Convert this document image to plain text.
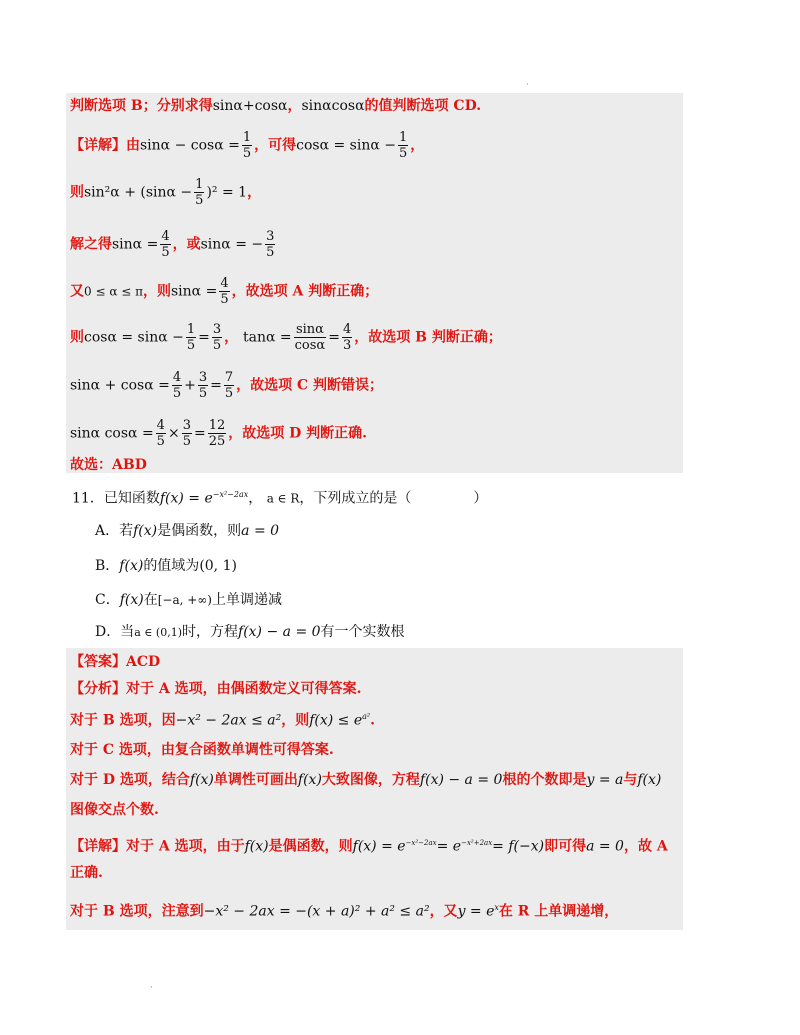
·
判断选项 B；分别求得sinα+cosα，sinαcosα的值判断选项 CD.
【详解】由$\sin\alpha - \cos\alpha = \frac{1}{5}$ ，可得$\cos\alpha = \sin\alpha - \frac{1}{5}$ ，
则$\sin^2\alpha + (\sin\alpha - \frac{1}{5} )^2 = 1$，
解之得$\sin\alpha = \frac{4}{5}$ ，或sinα = − $\frac{3}{5}$
又0 ≤ α ≤ π，则$\sin\alpha = \frac{4}{5}$ ，故选项 A 判断正确；
则$\cos\alpha = \sin\alpha - \frac{1}{5} = \frac{3}{5}$ ， $\tan\alpha = \frac{\sin\alpha}{\cos\alpha} = \frac{4}{3}$ ，故选项 B 判断正确；
$\sin\alpha + \cos\alpha = \frac{4}{5} + \frac{3}{5} = \frac{7}{5}$ ，故选项 C 判断错误；
sinα $\cos\alpha = \frac{4}{5} \times \frac{3}{5} = \frac{12}{25}$ ，故选项 D 判断正确.
故选：ABD
11．已知函数$f(x) = e^{-x^2-2ax}$， a ∈ R，下列成立的是（	）
A．若f(x)是偶函数，则a = 0
B．f(x)的值域为(0, 1)
C．f(x)在[−a, +∞)上单调递减
D．当a ∈ (0,1)时，方程f(x) − a = 0有一个实数根
【答案】ACD
【分析】对于 A 选项，由偶函数定义可得答案.
对于 B 选项，因−x² − 2ax ≤ a²，则$f(x) \le e^{a^2}$.
对于 C 选项，由复合函数单调性可得答案.
对于 D 选项，结合f(x)单调性可画出f(x)大致图像，方程f(x) − a = 0根的个数即是y = a与f(x)
图像交点个数.
【详解】对于 A 选项，由于f(x)是偶函数，则$f(x) = e^{-x^2-2ax}= e^{-x^2+2ax}= f(-x)$即可得a = 0，故 A
正确.
对于 B 选项，注意到−x² − 2ax = −(x + a)² + a² ≤ a²，又$y = e^x$在 R 上单调递增，
·
